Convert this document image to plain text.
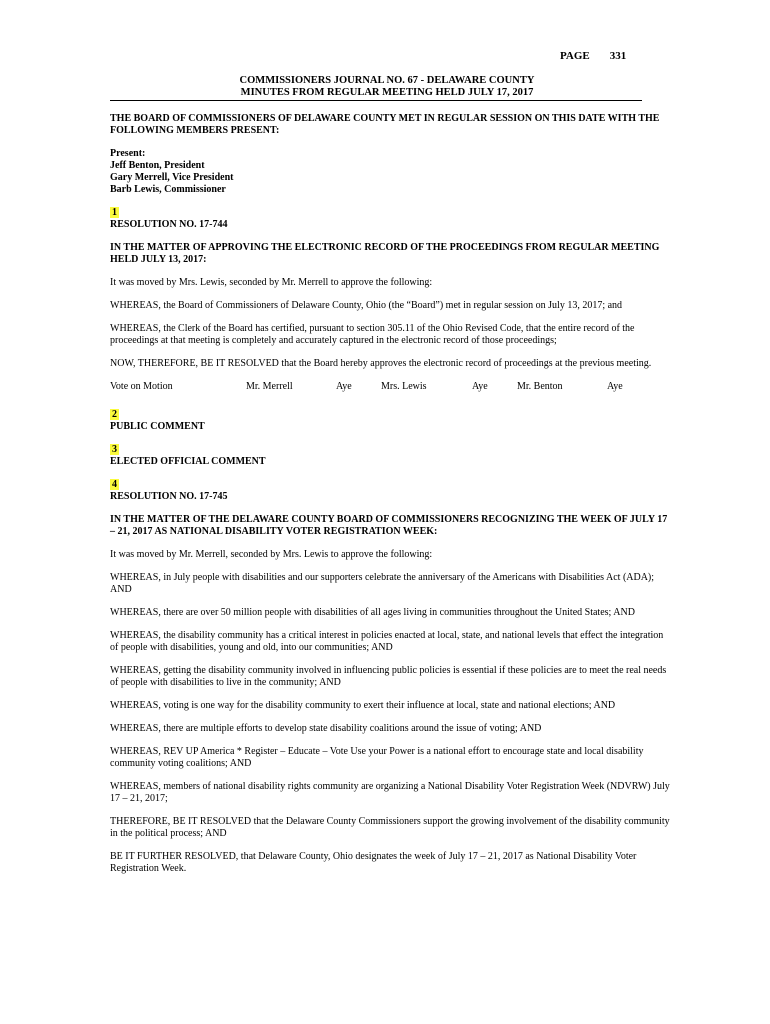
PAGE 331
COMMISSIONERS JOURNAL NO. 67 - DELAWARE COUNTY
MINUTES FROM REGULAR MEETING HELD JULY 17, 2017
THE BOARD OF COMMISSIONERS OF DELAWARE COUNTY MET IN REGULAR SESSION ON THIS DATE WITH THE FOLLOWING MEMBERS PRESENT:
Present:
Jeff Benton, President
Gary Merrell, Vice President
Barb Lewis, Commissioner
1
RESOLUTION NO. 17-744
IN THE MATTER OF APPROVING THE ELECTRONIC RECORD OF THE PROCEEDINGS FROM REGULAR MEETING HELD JULY 13, 2017:
It was moved by Mrs. Lewis, seconded by Mr. Merrell to approve the following:
WHEREAS, the Board of Commissioners of Delaware County, Ohio (the “Board”) met in regular session on July 13, 2017; and
WHEREAS, the Clerk of the Board has certified, pursuant to section 305.11 of the Ohio Revised Code, that the entire record of the proceedings at that meeting is completely and accurately captured in the electronic record of those proceedings;
NOW, THEREFORE, BE IT RESOLVED that the Board hereby approves the electronic record of proceedings at the previous meeting.
Vote on Motion	Mr. Merrell	Aye	Mrs. Lewis	Aye	Mr. Benton	Aye
2
PUBLIC COMMENT
3
ELECTED OFFICIAL COMMENT
4
RESOLUTION NO. 17-745
IN THE MATTER OF THE DELAWARE COUNTY BOARD OF COMMISSIONERS RECOGNIZING THE WEEK OF JULY 17 – 21, 2017 AS NATIONAL DISABILITY VOTER REGISTRATION WEEK:
It was moved by Mr. Merrell, seconded by Mrs. Lewis to approve the following:
WHEREAS, in July people with disabilities and our supporters celebrate the anniversary of the Americans with Disabilities Act (ADA); AND
WHEREAS, there are over 50 million people with disabilities of all ages living in communities throughout the United States; AND
WHEREAS, the disability community has a critical interest in policies enacted at local, state, and national levels that effect the integration of people with disabilities, young and old, into our communities; AND
WHEREAS, getting the disability community involved in influencing public policies is essential if these policies are to meet the real needs of people with disabilities to live in the community; AND
WHEREAS, voting is one way for the disability community to exert their influence at local, state and national elections; AND
WHEREAS, there are multiple efforts to develop state disability coalitions around the issue of voting; AND
WHEREAS, REV UP America * Register – Educate – Vote Use your Power is a national effort to encourage state and local disability community voting coalitions; AND
WHEREAS, members of national disability rights community are organizing a National Disability Voter Registration Week (NDVRW) July 17 – 21, 2017;
THEREFORE, BE IT RESOLVED that the Delaware County Commissioners support the growing involvement of the disability community in the political process; AND
BE IT FURTHER RESOLVED, that Delaware County, Ohio designates the week of July 17 – 21, 2017 as National Disability Voter Registration Week.
